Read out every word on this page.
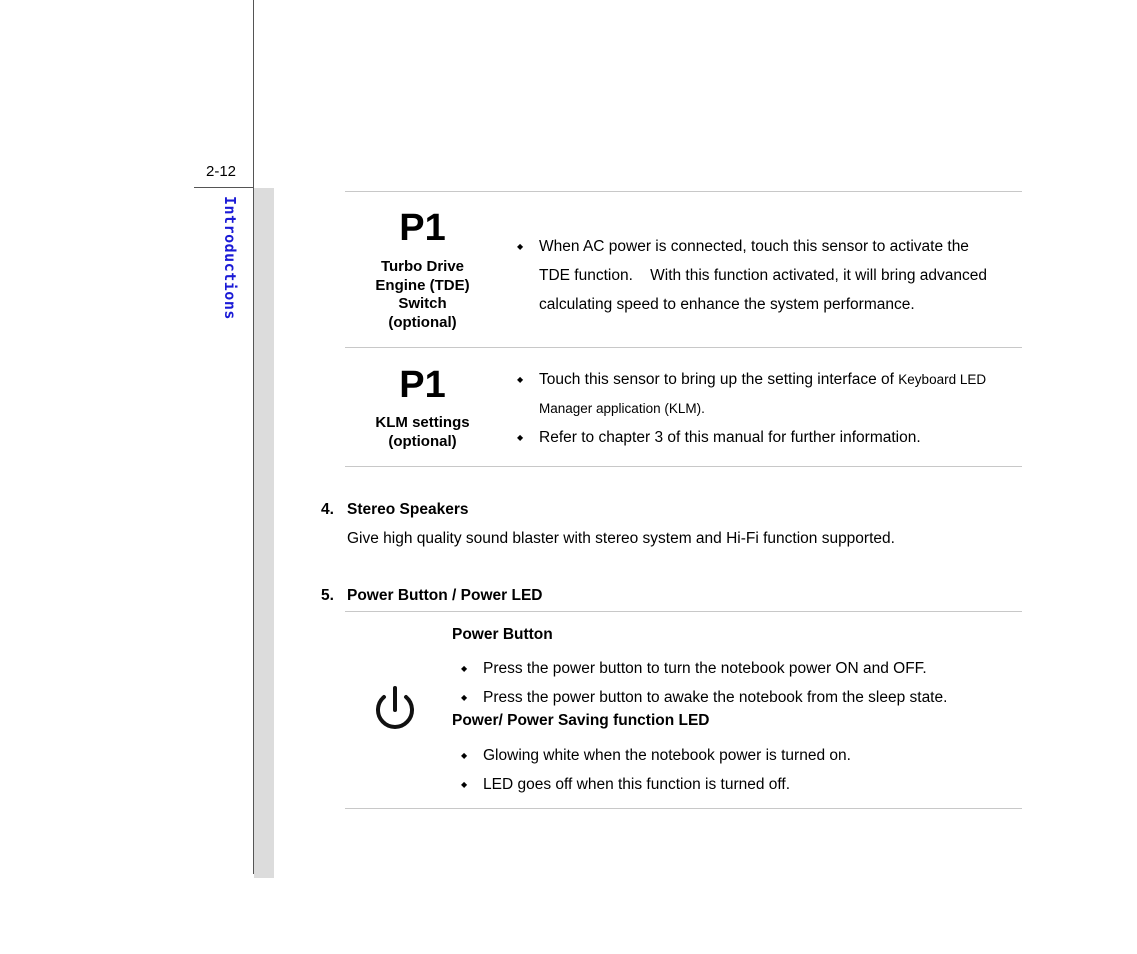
2-12
Introductions	P1
Turbo Drive
Engine (TDE)
Switch
(optional)
◆ When AC power is connected, touch this sensor to activate the
TDE function.    With this function activated, it will bring advanced
calculating speed to enhance the system performance.
P1
KLM settings
(optional)
◆ Touch this sensor to bring up the setting interface of Keyboard LED
Manager application (KLM).
◆ Refer to chapter 3 of this manual for further information.
4. Stereo Speakers
Give high quality sound blaster with stereo system and Hi-Fi function supported.
5. Power Button / Power LED
Power Button
◆ Press the power button to turn the notebook power ON and OFF.
◆ Press the power button to awake the notebook from the sleep state.
Power/ Power Saving function LED
◆ Glowing white when the notebook power is turned on.
◆ LED goes off when this function is turned off.
